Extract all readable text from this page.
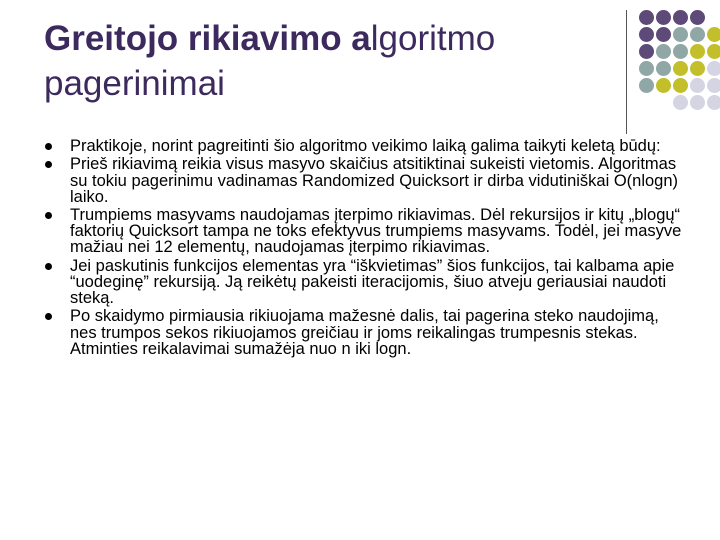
Greitojo rikiavimo algoritmo
pagerinimai
Praktikoje, norint pagreitinti šio algoritmo veikimo laiką galima taikyti keletą būdų:
Prieš rikiavimą reikia visus masyvo skaičius atsitiktinai sukeisti vietomis. Algoritmas su tokiu pagerinimu vadinamas Randomized Quicksort ir dirba vidutiniškai O(nlogn) laiko.
Trumpiems masyvams naudojamas įterpimo rikiavimas. Dėl rekursijos ir kitų „blogų“ faktorių Quicksort tampa ne toks efektyvus trumpiems masyvams. Todėl, jei masyve mažiau nei 12 elementų, naudojamas įterpimo rikiavimas.
Jei paskutinis funkcijos elementas yra “iškvietimas” šios funkcijos, tai kalbama apie “uodeginę” rekursiją. Ją reikėtų pakeisti iteracijomis, šiuo atveju geriausiai naudoti steką.
Po skaidymo pirmiausia rikiuojama mažesnė dalis, tai pagerina steko naudojimą, nes trumpos sekos rikiuojamos greičiau ir joms reikalingas trumpesnis stekas. Atminties reikalavimai sumažėja nuo n iki logn.
